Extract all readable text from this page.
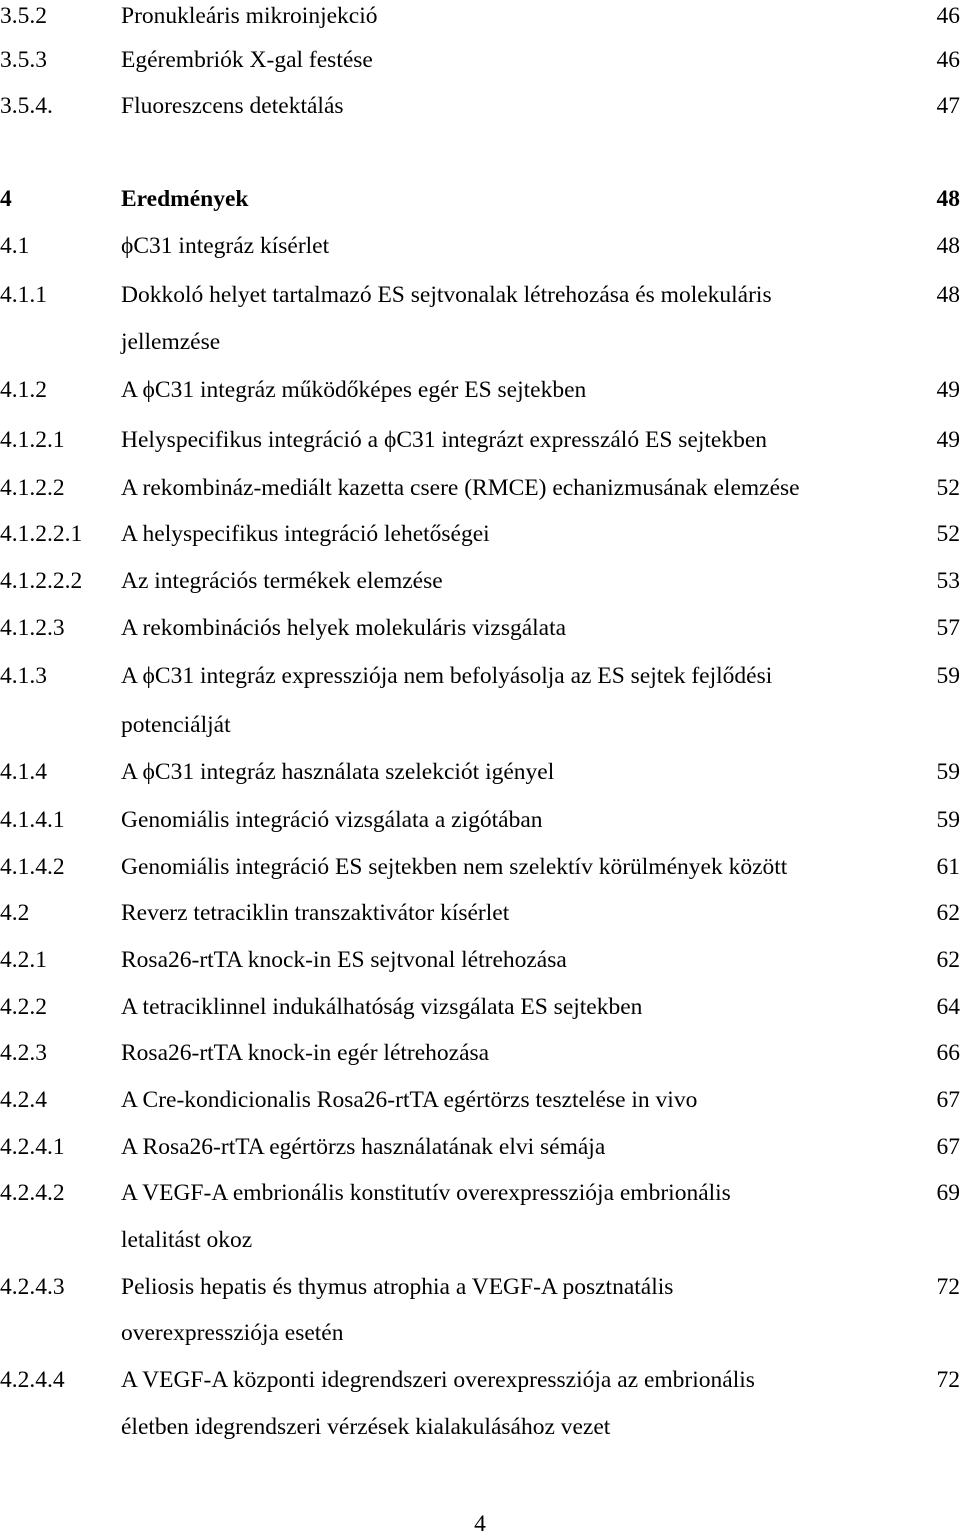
3.5.2	Pronukleáris mikroinjekció	46
3.5.3	Egérembriók X-gal festése	46
3.5.4.	Fluoreszcens detektálás	47
4	Eredmények	48
4.1	ϕC31 integráz kísérlet	48
4.1.1	Dokkoló helyet tartalmazó ES sejtvonalak létrehozása és molekuláris	48
jellemzése
4.1.2	A ϕC31 integráz működőképes egér ES sejtekben	49
4.1.2.1 Helyspecifikus integráció a ϕC31 integrázt expresszáló ES sejtekben	49
4.1.2.2 A rekombináz-mediált kazetta csere (RMCE) echanizmusának elemzése	52
4.1.2.2.1 A helyspecifikus integráció lehetőségei	52
4.1.2.2.2 Az integrációs termékek elemzése	53
4.1.2.3 A rekombinációs helyek molekuláris vizsgálata	57
4.1.3	A ϕC31 integráz expressziója nem befolyásolja az ES sejtek fejlődési	59
potenciálját
4.1.4	A ϕC31 integráz használata szelekciót igényel	59
4.1.4.1 Genomiális integráció vizsgálata a zigótában	59
4.1.4.2 Genomiális integráció ES sejtekben nem szelektív körülmények között	61
4.2	Reverz tetraciklin transzaktivátor kísérlet	62
4.2.1	Rosa26-rtTA knock-in ES sejtvonal létrehozása	62
4.2.2	A tetraciklinnel indukálhatóság vizsgálata ES sejtekben	64
4.2.3	Rosa26-rtTA knock-in egér létrehozása	66
4.2.4	A Cre-kondicionalis Rosa26-rtTA egértörzs tesztelése in vivo	67
4.2.4.1 A Rosa26-rtTA egértörzs használatának elvi sémája	67
4.2.4.2 A VEGF-A embrionális konstitutív overexpressziója embrionális	69
letalitást okoz
4.2.4.3 Peliosis hepatis és thymus atrophia a VEGF-A posztnatális	72
overexpressziója esetén
4.2.4.4 A VEGF-A központi idegrendszeri overexpressziója az embrionális	72
életben idegrendszeri vérzések kialakulásához vezet
4
